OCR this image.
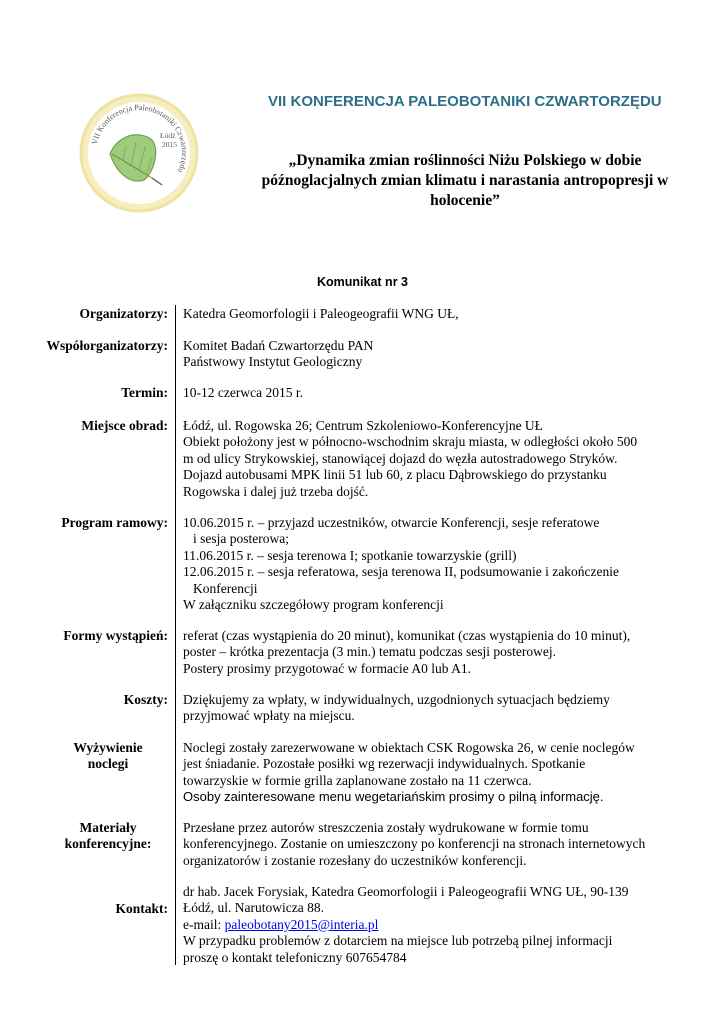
VII Konferencja Paleobotaniki Czwartorzędu
Łódź
2015
VII KONFERENCJA PALEOBOTANIKI CZWARTORZĘDU
„Dynamika zmian roślinności Niżu Polskiego w dobie
późnoglacjalnych zmian klimatu i narastania antropopresji w
holocenie”
Komunikat nr 3
Organizatorzy: Katedra Geomorfologii i Paleogeografii WNG UŁ,
Współorganizatorzy: Komitet Badań Czwartorzędu PAN
Państwowy Instytut Geologiczny
Termin: 10-12 czerwca 2015 r.
Miejsce obrad: Łódź, ul. Rogowska 26; Centrum Szkoleniowo-Konferencyjne UŁ
Obiekt położony jest w północno-wschodnim skraju miasta, w odległości około 500
m od ulicy Strykowskiej, stanowiącej dojazd do węzła autostradowego Stryków.
Dojazd autobusami MPK linii 51 lub 60, z placu Dąbrowskiego do przystanku
Rogowska i dalej już trzeba dojść.
Program ramowy: 10.06.2015 r. – przyjazd uczestników, otwarcie Konferencji, sesje referatowe
i sesja posterowa;
11.06.2015 r. – sesja terenowa I; spotkanie towarzyskie (grill)
12.06.2015 r. – sesja referatowa, sesja terenowa II, podsumowanie i zakończenie
Konferencji
W załączniku szczegółowy program konferencji
Formy wystąpień: referat (czas wystąpienia do 20 minut), komunikat (czas wystąpienia do 10 minut),
poster – krótka prezentacja (3 min.) tematu podczas sesji posterowej.
Postery prosimy przygotować w formacie A0 lub A1.
Koszty: Dziękujemy za wpłaty, w indywidualnych, uzgodnionych sytuacjach będziemy
przyjmować wpłaty na miejscu.
Wyżywienie
noclegi
Noclegi zostały zarezerwowane w obiektach CSK Rogowska 26, w cenie noclegów
jest śniadanie. Pozostałe posiłki wg rezerwacji indywidualnych. Spotkanie
towarzyskie w formie grilla zaplanowane zostało na 11 czerwca.
Osoby zainteresowane menu wegetariańskim prosimy o pilną informację.
Materiały
konferencyjne:
Przesłane przez autorów streszczenia zostały wydrukowane w formie tomu
konferencyjnego. Zostanie on umieszczony po konferencji na stronach internetowych
organizatorów i zostanie rozesłany do uczestników konferencji.
Kontakt:
dr hab. Jacek Forysiak, Katedra Geomorfologii i Paleogeografii WNG UŁ, 90-139
Łódź, ul. Narutowicza 88.
e-mail: paleobotany2015@interia.pl
W przypadku problemów z dotarciem na miejsce lub potrzebą pilnej informacji
proszę o kontakt telefoniczny 607654784
